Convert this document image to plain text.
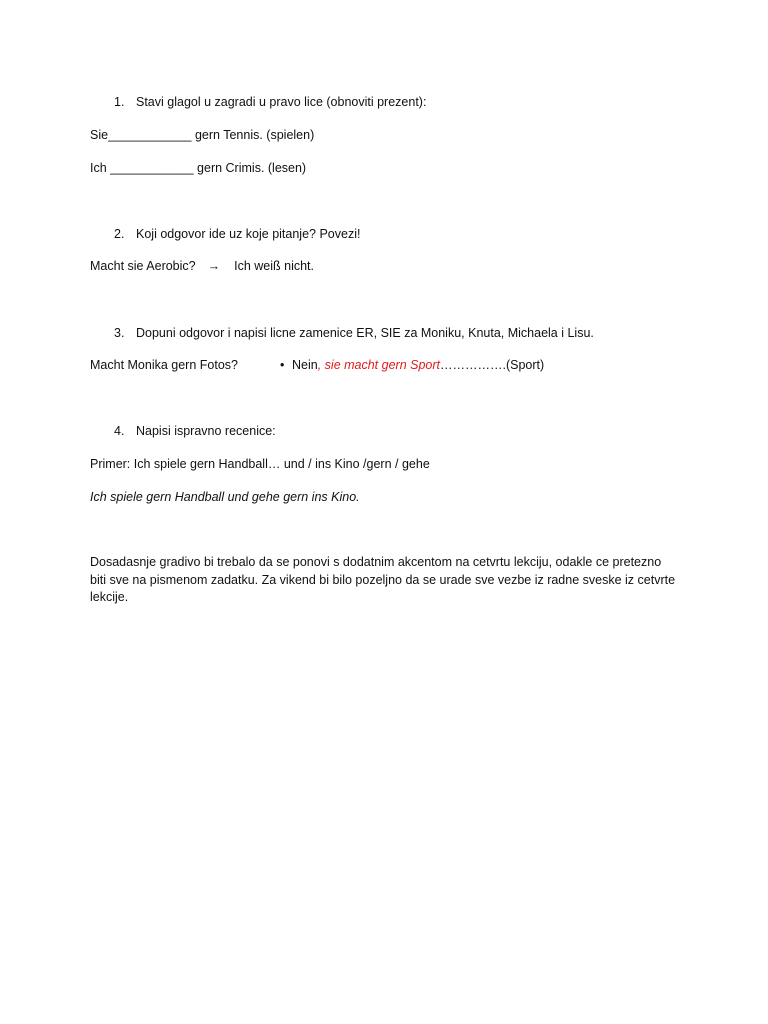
1. Stavi glagol u zagradi u pravo lice (obnoviti prezent):
Sie____________ gern Tennis. (spielen)
Ich ____________ gern Crimis. (lesen)
2. Koji odgovor ide uz koje pitanje? Povezi!
Macht sie Aerobic? → Ich weiß nicht.
3. Dopuni odgovor i napisi licne zamenice ER, SIE za Moniku, Knuta, Michaela i Lisu.
Macht Monika gern Fotos?	• Nein, sie macht gern Sport…………….(Sport)
4. Napisi ispravno recenice:
Primer: Ich spiele gern Handball… und / ins Kino /gern / gehe
Ich spiele gern Handball und gehe gern ins Kino.
Dosadasnje gradivo bi trebalo da se ponovi s dodatnim akcentom na cetvrtu lekciju, odakle ce pretezno biti sve na pismenom zadatku. Za vikend bi bilo pozeljno da se urade sve vezbe iz radne sveske iz cetvrte lekcije.
